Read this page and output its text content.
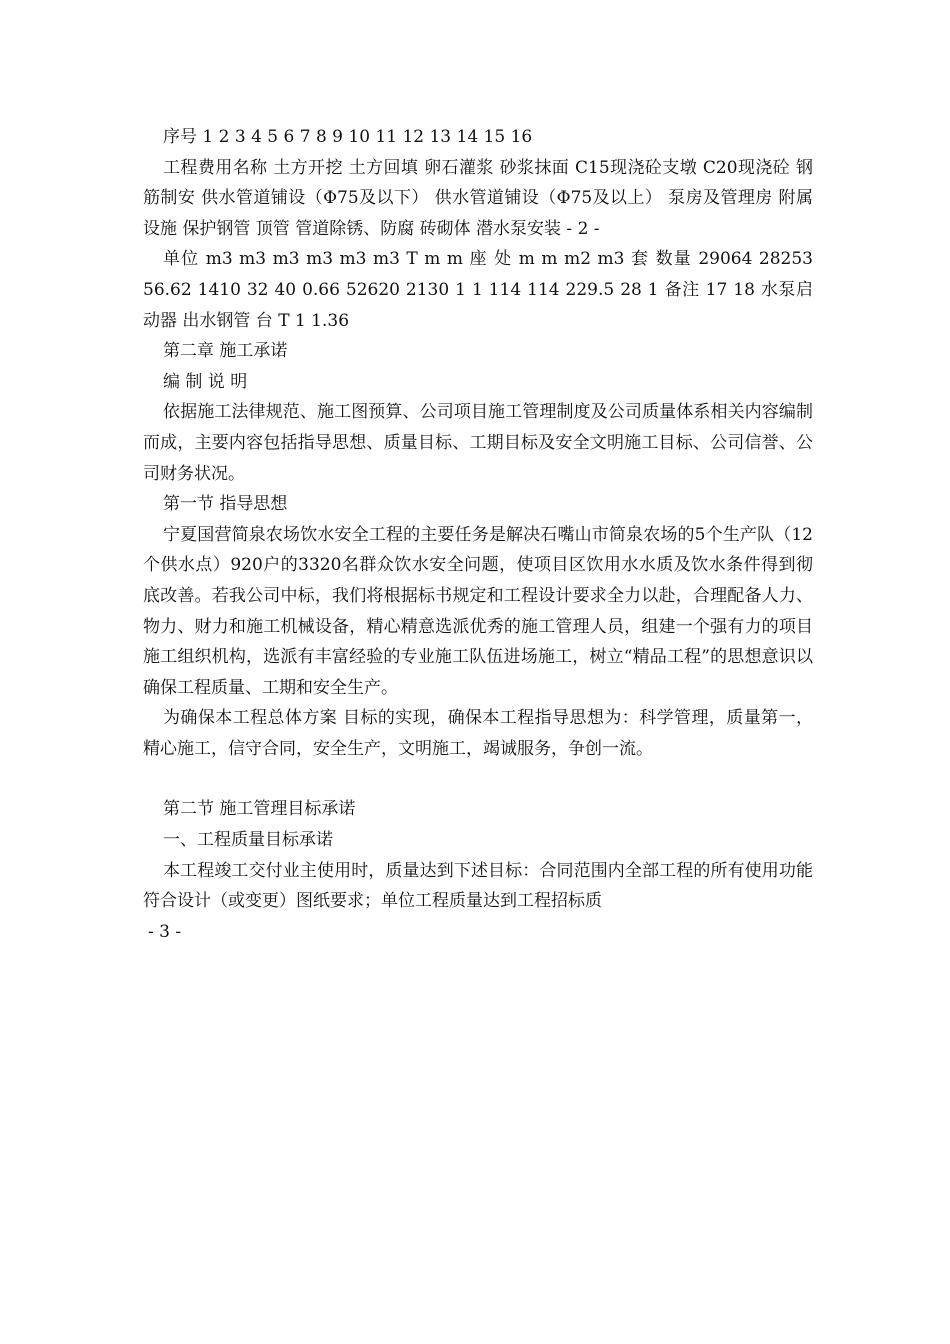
序号 1 2 3 4 5 6 7 8 9 10 11 12 13 14 15 16

工程费用名称 土方开挖 土方回填 卵石灌浆 砂浆抹面 C15现浇砼支墩 C20现浇砼 钢筋制安 供水管道铺设（Φ75及以下） 供水管道铺设（Φ75及以上） 泵房及管理房 附属设施 保护钢管 顶管 管道除锈、防腐 砖砌体 潜水泵安装 - 2 -

单位 m3 m3 m3 m3 m3 m3 T m m 座 处 m m m2 m3 套 数量 29064 28253 56.62 1410 32 40 0.66 52620 2130 1 1 114 114 229.5 28 1 备注 17 18 水泵启动器 出水钢管 台 T 1 1.36

第二章 施工承诺

编 制 说 明

依据施工法律规范、施工图预算、公司项目施工管理制度及公司质量体系相关内容编制而成，主要内容包括指导思想、质量目标、工期目标及安全文明施工目标、公司信誉、公司财务状况。

第一节 指导思想

宁夏国营简泉农场饮水安全工程的主要任务是解决石嘴山市简泉农场的5个生产队（12个供水点）920户的3320名群众饮水安全问题，使项目区饮用水水质及饮水条件得到彻底改善。若我公司中标，我们将根据标书规定和工程设计要求全力以赴，合理配备人力、物力、财力和施工机械设备，精心精意选派优秀的施工管理人员，组建一个强有力的项目施工组织机构，选派有丰富经验的专业施工队伍进场施工，树立“精品工程”的思想意识以确保工程质量、工期和安全生产。

为确保本工程总体方案 目标的实现，确保本工程指导思想为：科学管理，质量第一，精心施工，信守合同，安全生产，文明施工，竭诚服务，争创一流。

第二节 施工管理目标承诺

一、工程质量目标承诺

本工程竣工交付业主使用时，质量达到下述目标：合同范围内全部工程的所有使用功能符合设计（或变更）图纸要求；单位工程质量达到工程招标质

- 3 -
